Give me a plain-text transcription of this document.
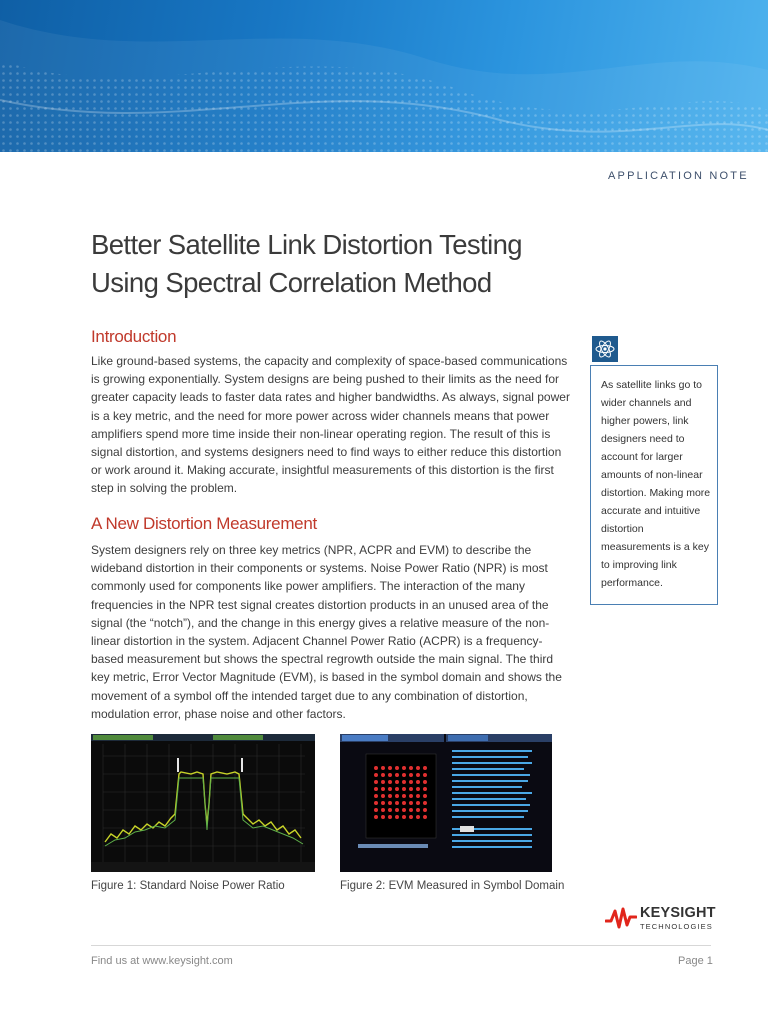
APPLICATION NOTE
Better Satellite Link Distortion Testing
Using Spectral Correlation Method
Introduction
Like ground-based systems, the capacity and complexity of space-based communications is growing exponentially. System designs are being pushed to their limits as the need for greater capacity leads to faster data rates and higher bandwidths. As always, signal power is a key metric, and the need for more power across wider channels means that power amplifiers spend more time inside their non-linear operating region. The result of this is signal distortion, and systems designers need to find ways to either reduce this distortion or work around it. Making accurate, insightful measurements of this distortion is the first step in solving the problem.
A New Distortion Measurement
System designers rely on three key metrics (NPR, ACPR and EVM) to describe the wideband distortion in their components or systems. Noise Power Ratio (NPR) is most commonly used for components like power amplifiers. The interaction of the many frequencies in the NPR test signal creates distortion products in an unused area of the signal (the “notch”), and the change in this energy gives a relative measure of the non-linear distortion in the system. Adjacent Channel Power Ratio (ACPR) is a frequency-based measurement but shows the spectral regrowth outside the main signal. The third key metric, Error Vector Magnitude (EVM), is based in the symbol domain and shows the movement of a symbol off the intended target due to any combination of distortion, modulation error, phase noise and other factors.
As satellite links go to wider channels and higher powers, link designers need to account for larger amounts of non-linear distortion. Making more accurate and intuitive distortion measurements is a key to improving link performance.
Figure 1: Standard Noise Power Ratio	Figure 2: EVM Measured in Symbol Domain
KEYSIGHT
TECHNOLOGIES
Find us at www.keysight.com	Page 1
